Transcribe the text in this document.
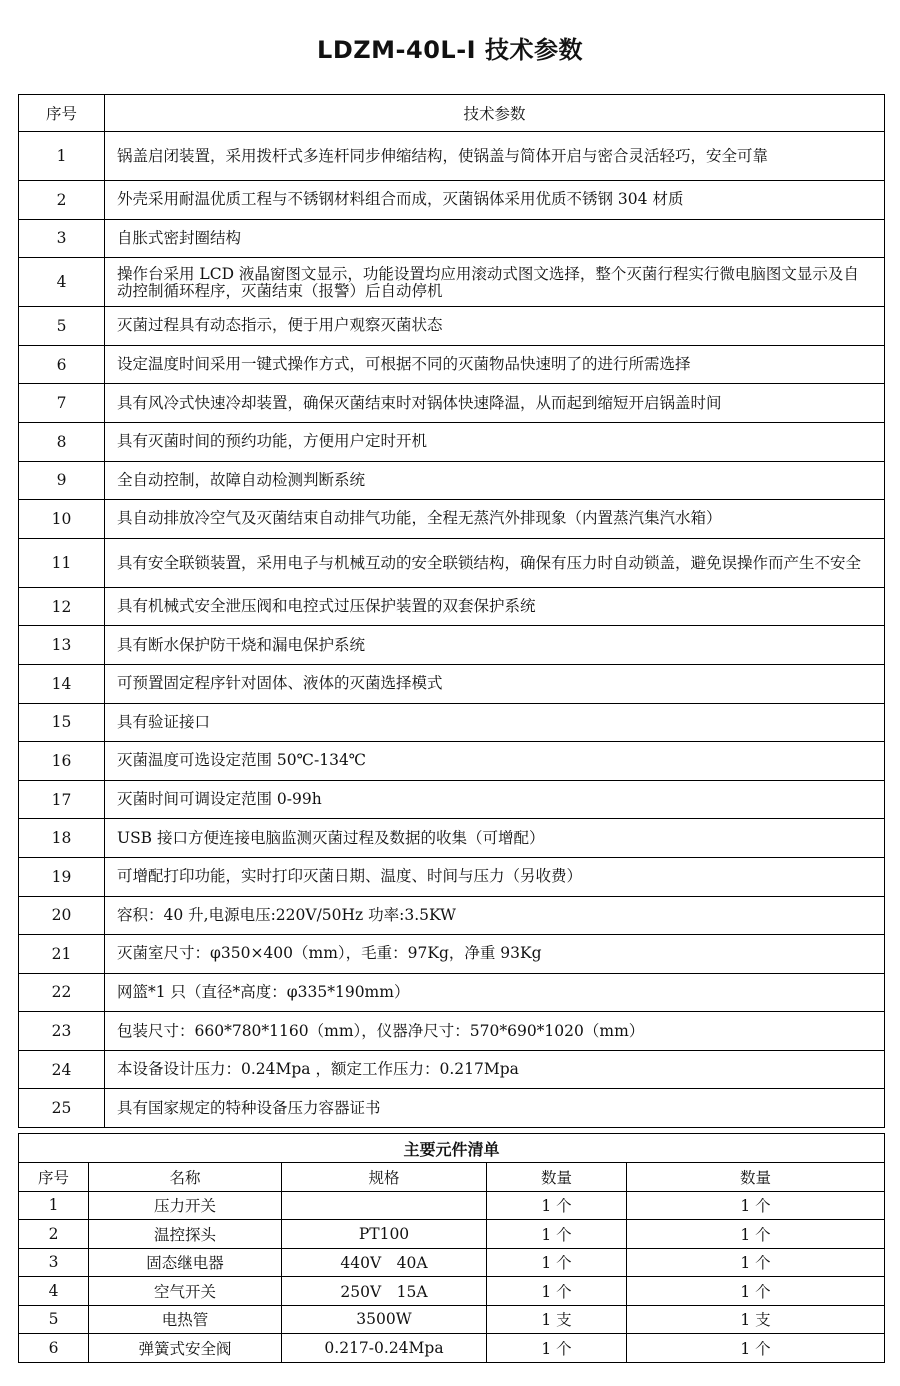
LDZM-40L-I 技术参数
序号	技术参数
1	锅盖启闭装置，采用拨杆式多连杆同步伸缩结构，使锅盖与简体开启与密合灵活轻巧，安全可靠
2	外壳采用耐温优质工程与不锈钢材料组合而成，灭菌锅体采用优质不锈钢 304 材质
3	自胀式密封圈结构
4	操作台采用 LCD 液晶窗图文显示，功能设置均应用滚动式图文选择，整个灭菌行程实行微电脑图文显示及自动控制循环程序，灭菌结束（报警）后自动停机
5	灭菌过程具有动态指示，便于用户观察灭菌状态
6	设定温度时间采用一键式操作方式，可根据不同的灭菌物品快速明了的进行所需选择
7	具有风冷式快速冷却装置，确保灭菌结束时对锅体快速降温，从而起到缩短开启锅盖时间
8	具有灭菌时间的预约功能，方便用户定时开机
9	全自动控制，故障自动检测判断系统
10	具自动排放冷空气及灭菌结束自动排气功能，全程无蒸汽外排现象（内置蒸汽集汽水箱）
11	具有安全联锁装置，采用电子与机械互动的安全联锁结构，确保有压力时自动锁盖，避免误操作而产生不安全
12	具有机械式安全泄压阀和电控式过压保护装置的双套保护系统
13	具有断水保护防干烧和漏电保护系统
14	可预置固定程序针对固体、液体的灭菌选择模式
15	具有验证接口
16	灭菌温度可选设定范围 50℃-134℃
17	灭菌时间可调设定范围 0-99h
18	USB 接口方便连接电脑监测灭菌过程及数据的收集（可增配）
19	可增配打印功能，实时打印灭菌日期、温度、时间与压力（另收费）
20	容积：40 升,电源电压:220V/50Hz 功率:3.5KW
21	灭菌室尺寸：φ350×400（mm），毛重：97Kg，净重 93Kg
22	网篮*1 只（直径*高度：φ335*190mm）
23	包装尺寸：660*780*1160（mm），仪器净尺寸：570*690*1020（mm）
24	本设备设计压力：0.24Mpa ，额定工作压力：0.217Mpa
25	具有国家规定的特种设备压力容器证书
主要元件清单				
序号	名称	规格	数量	数量
1	压力开关		1 个	1 个
2	温控探头	PT100	1 个	1 个
3	固态继电器	440V　40A	1 个	1 个
4	空气开关	250V　15A	1 个	1 个
5	电热管	3500W	1 支	1 支
6	弹簧式安全阀	0.217-0.24Mpa	1 个	1 个
